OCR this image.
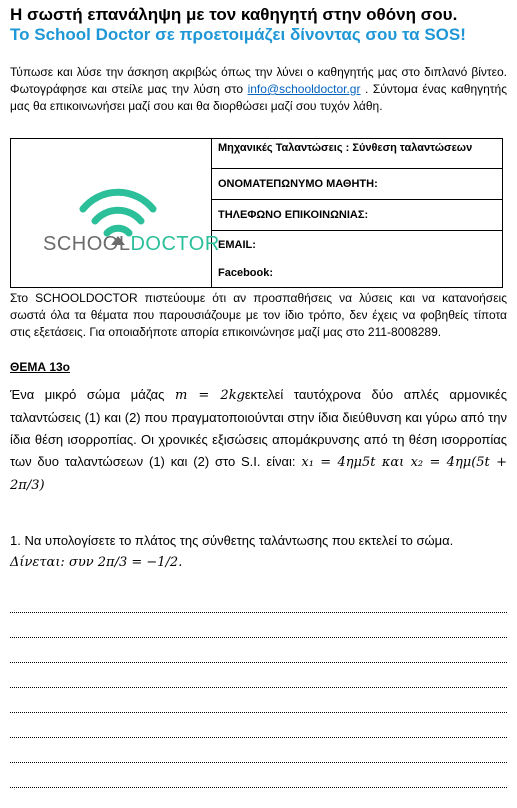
Η σωστή επανάληψη με τον καθηγητή στην οθόνη σου.
Το School Doctor σε προετοιμάζει δίνοντας σου τα SOS!
Τύπωσε και λύσε την άσκηση ακριβώς όπως την λύνει ο καθηγητής μας στο διπλανό βίντεο. Φωτογράφησε και στείλε μας την λύση στο info@schooldoctor.gr . Σύντομα ένας καθηγητής μας θα επικοινωνήσει μαζί σου και θα διορθώσει μαζί σου τυχόν λάθη.
SCHOOLDOCTOR
Μηχανικές Ταλαντώσεις : Σύνθεση ταλαντώσεων
ΟΝΟΜΑΤΕΠΩΝΥΜΟ ΜΑΘΗΤΗ:
ΤΗΛΕΦΩΝΟ ΕΠΙΚΟΙΝΩΝΙΑΣ:
EMAIL:
Facebook:
Στο SCHOOLDOCTOR πιστεύουμε ότι αν προσπαθήσεις να λύσεις και να κατανοήσεις σωστά όλα τα θέματα που παρουσιάζουμε με τον ίδιο τρόπο, δεν έχεις να φοβηθείς τίποτα στις εξετάσεις. Για οποιαδήποτε απορία επικοινώνησε μαζί μας στο 211-8008289.
ΘΕΜΑ 13ο
Ένα μικρό σώμα μάζας m = 2kgεκτελεί ταυτόχρονα δύο απλές αρμονικές ταλαντώσεις (1) και (2) που πραγματοποιούνται στην ίδια διεύθυνση και γύρω από την ίδια θέση ισορροπίας. Οι χρονικές εξισώσεις απομάκρυνσης από τη θέση ισορροπίας των δυο ταλαντώσεων (1) και (2) στο S.I. είναι: x₁ = 4ημ5t και x₂ = 4ημ(5t + 2π/3)
1. Να υπολογίσετε το πλάτος της σύνθετης ταλάντωσης που εκτελεί το σώμα.
Δίνεται: συν 2π/3 = −1/2.
